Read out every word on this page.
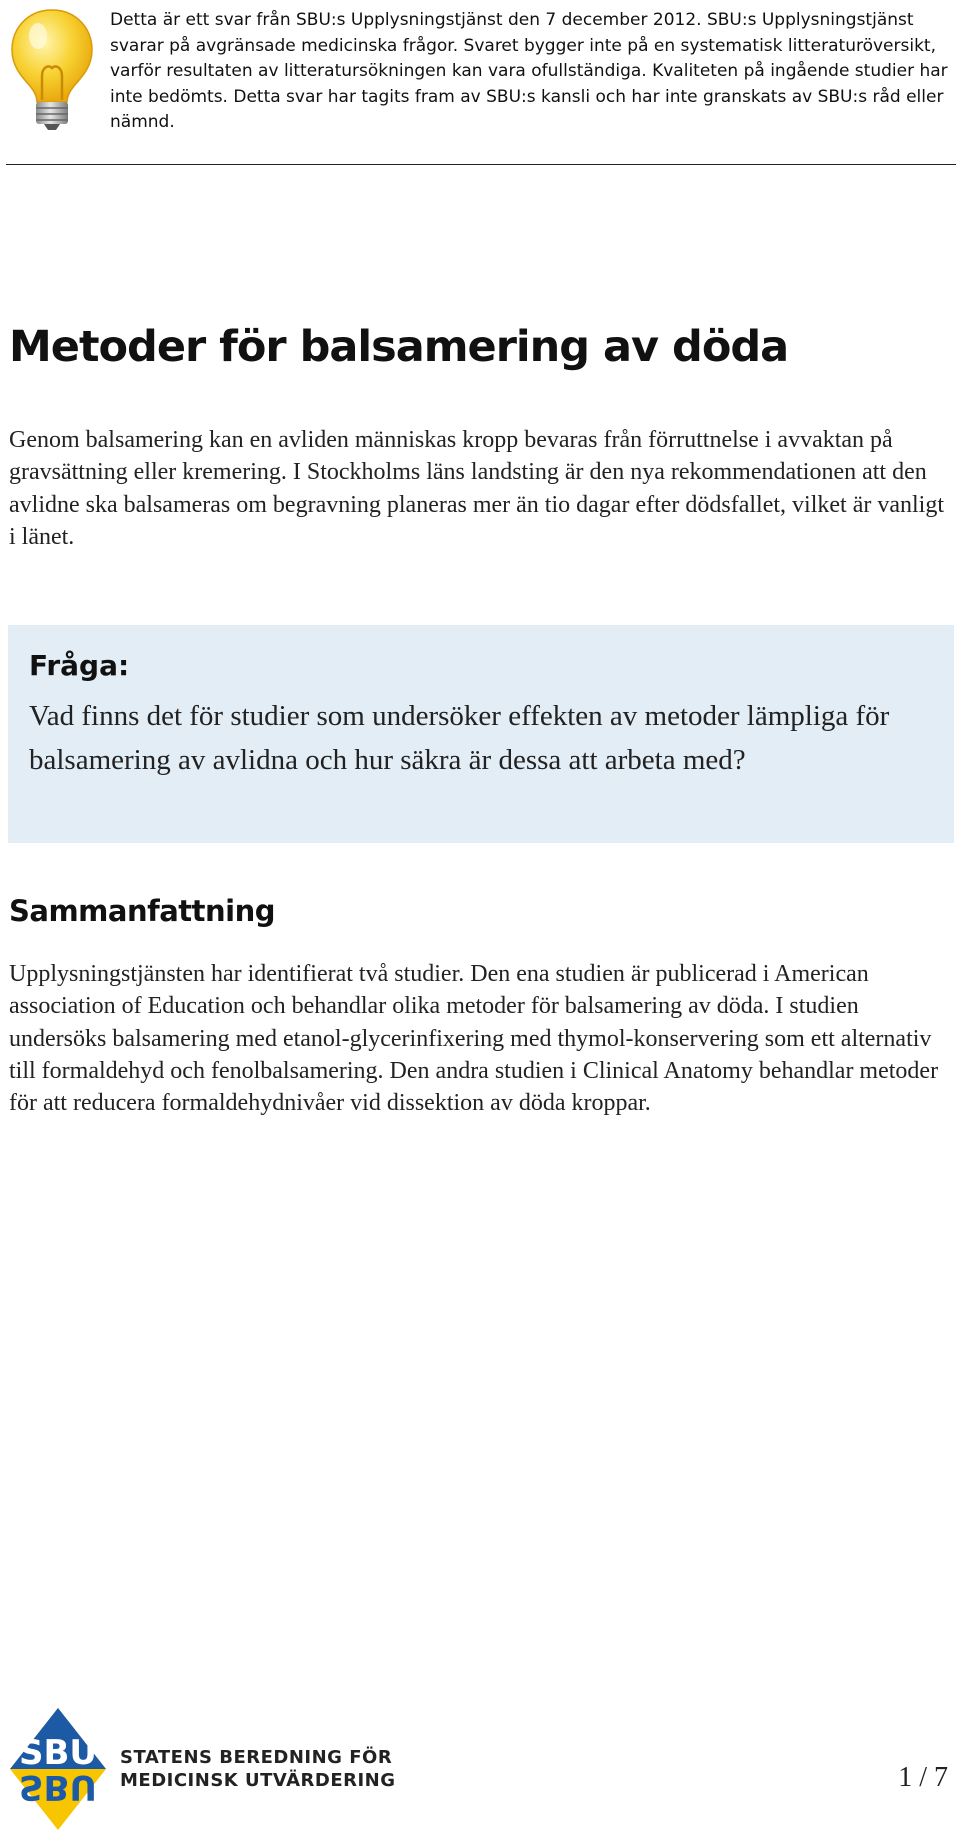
Detta är ett svar från SBU:s Upplysningstjänst den 7 december 2012. SBU:s Upplysningstjänst svarar på avgränsade medicinska frågor. Svaret bygger inte på en systematisk litteraturöversikt, varför resultaten av litteratursökningen kan vara ofullständiga. Kvaliteten på ingående studier har inte bedömts. Detta svar har tagits fram av SBU:s kansli och har inte granskats av SBU:s råd eller nämnd.

Metoder för balsamering av döda

Genom balsamering kan en avliden människas kropp bevaras från förruttnelse i avvaktan på gravsättning eller kremering. I Stockholms läns landsting är den nya rekommendationen att den avlidne ska balsameras om begravning planeras mer än tio dagar efter dödsfallet, vilket är vanligt i länet.

Fråga:

Vad finns det för studier som undersöker effekten av metoder lämpliga för balsamering av avlidna och hur säkra är dessa att arbeta med?

Sammanfattning

Upplysningstjänsten har identifierat två studier. Den ena studien är publicerad i American association of Education och behandlar olika metoder för balsamering av döda. I studien undersöks balsamering med etanol-glycerinfixering med thymol-konservering som ett alternativ till formaldehyd och fenolbalsamering. Den andra studien i Clinical Anatomy behandlar metoder för att reducera formaldehydnivåer vid dissektion av döda kroppar.

SBU
SBU

STATENS BEREDNING FÖR
MEDICINSK UTVÄRDERING	1 / 7
